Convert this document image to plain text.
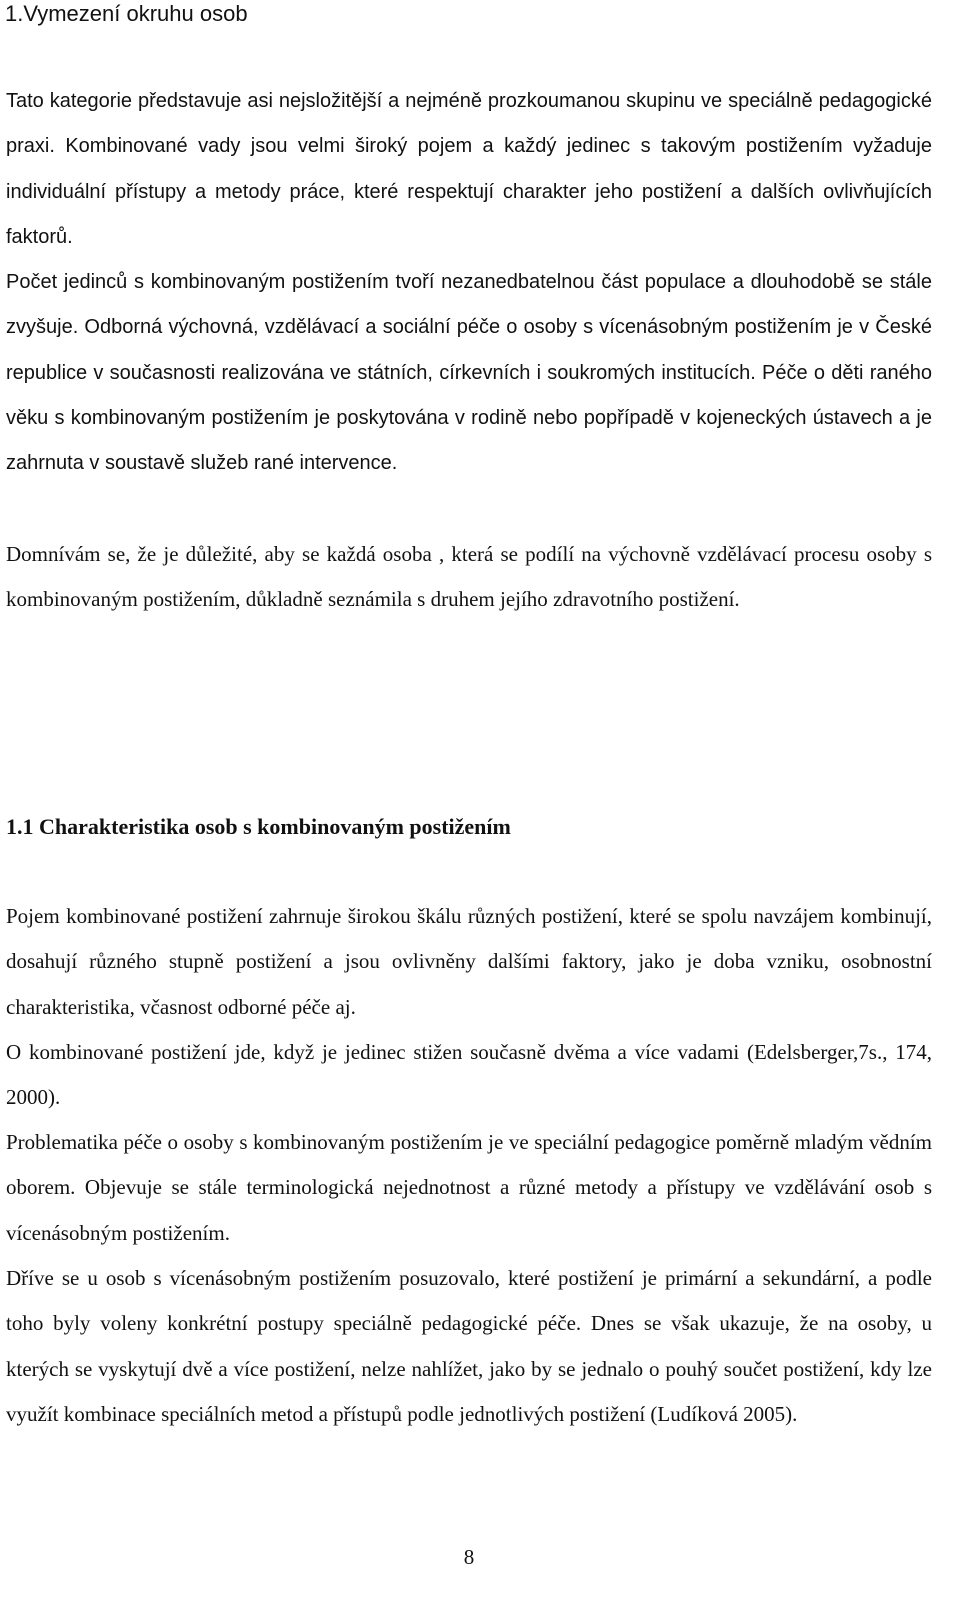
1.Vymezení okruhu osob

Tato kategorie představuje asi nejsložitější a nejméně prozkoumanou skupinu ve speciálně pedagogické praxi. Kombinované vady jsou velmi široký pojem a každý jedinec s takovým postižením vyžaduje individuální přístupy a metody práce, které respektují charakter jeho postižení a dalších ovlivňujících faktorů.

Počet jedinců s kombinovaným postižením tvoří nezanedbatelnou část populace a dlouhodobě se stále zvyšuje. Odborná výchovná, vzdělávací a sociální péče o osoby s vícenásobným postižením je v České republice v současnosti realizována ve státních, církevních i soukromých institucích. Péče o děti raného věku s kombinovaným postižením je poskytována v rodině nebo popřípadě v kojeneckých ústavech a je zahrnuta v soustavě služeb rané intervence.

Domnívám se, že je důležité, aby se každá osoba , která se podílí na výchovně vzdělávací procesu osoby s kombinovaným postižením, důkladně seznámila s druhem jejího zdravotního postižení.

1.1 Charakteristika osob s kombinovaným postižením

Pojem kombinované postižení zahrnuje širokou škálu různých postižení, které se spolu navzájem kombinují, dosahují různého stupně postižení a jsou ovlivněny dalšími faktory, jako je doba vzniku, osobnostní charakteristika, včasnost odborné péče aj.

O kombinované postižení jde, když je jedinec stižen současně dvěma a více vadami (Edelsberger,7s., 174, 2000).

Problematika péče o osoby s kombinovaným postižením je ve speciální pedagogice poměrně mladým vědním oborem. Objevuje se stále terminologická nejednotnost a různé metody a přístupy ve vzdělávání osob s vícenásobným postižením.

Dříve se u osob s vícenásobným postižením posuzovalo, které postižení je primární a sekundární, a podle toho byly voleny konkrétní postupy speciálně pedagogické péče. Dnes se však ukazuje, že na osoby, u kterých se vyskytují dvě a více postižení, nelze nahlížet, jako by se jednalo o pouhý součet postižení, kdy lze využít kombinace speciálních metod a přístupů podle jednotlivých postižení (Ludíková 2005).

8
